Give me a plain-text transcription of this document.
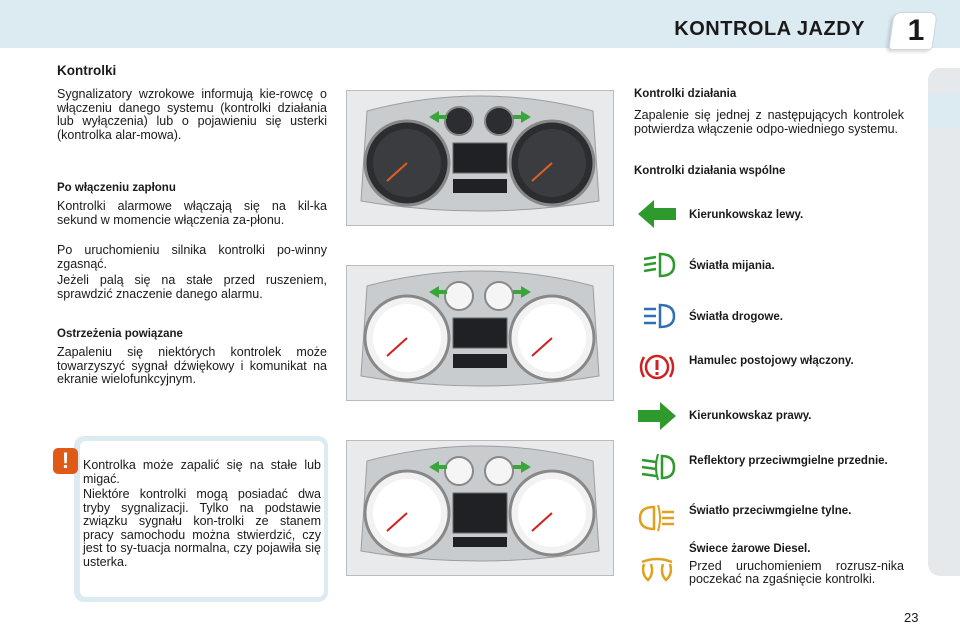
KONTROLA JAZDY 1
Kontrolki
Sygnalizatory wzrokowe informują kie-rowcę o włączeniu danego systemu (kontrolki działania lub wyłączenia) lub o pojawieniu się usterki (kontrolka alar-mowa).
Po włączeniu zapłonu
Kontrolki alarmowe włączają się na kil-ka sekund w momencie włączenia za-płonu.
Po uruchomieniu silnika kontrolki po-winny zgasnąć.
Jeżeli palą się na stałe przed ruszeniem, sprawdzić znaczenie danego alarmu.
Ostrzeżenia powiązane
Zapaleniu się niektórych kontrolek może towarzyszyć sygnał dźwiękowy i komunikat na ekranie wielofunkcyjnym.
!	Kontrolka może zapalić się na stałe lub migać.
Niektóre kontrolki mogą posiadać dwa tryby sygnalizacji. Tylko na podstawie związku sygnału kon-trolki ze stanem pracy samochodu można stwierdzić, czy jest to sy-tuacja normalna, czy pojawiła się usterka.
Kontrolki działania
Zapalenie się jednej z następujących kontrolek potwierdza włączenie odpo-wiedniego systemu.
Kontrolki działania wspólne
Kierunkowskaz lewy.
Światła mijania.
Światła drogowe.
Hamulec postojowy włączony.
Kierunkowskaz prawy.
Reflektory przeciwmgielne przednie.
Światło przeciwmgielne tylne.
Świece żarowe Diesel.
Przed uruchomieniem rozrusz-nika poczekać na zgaśnięcie kontrolki.
23
